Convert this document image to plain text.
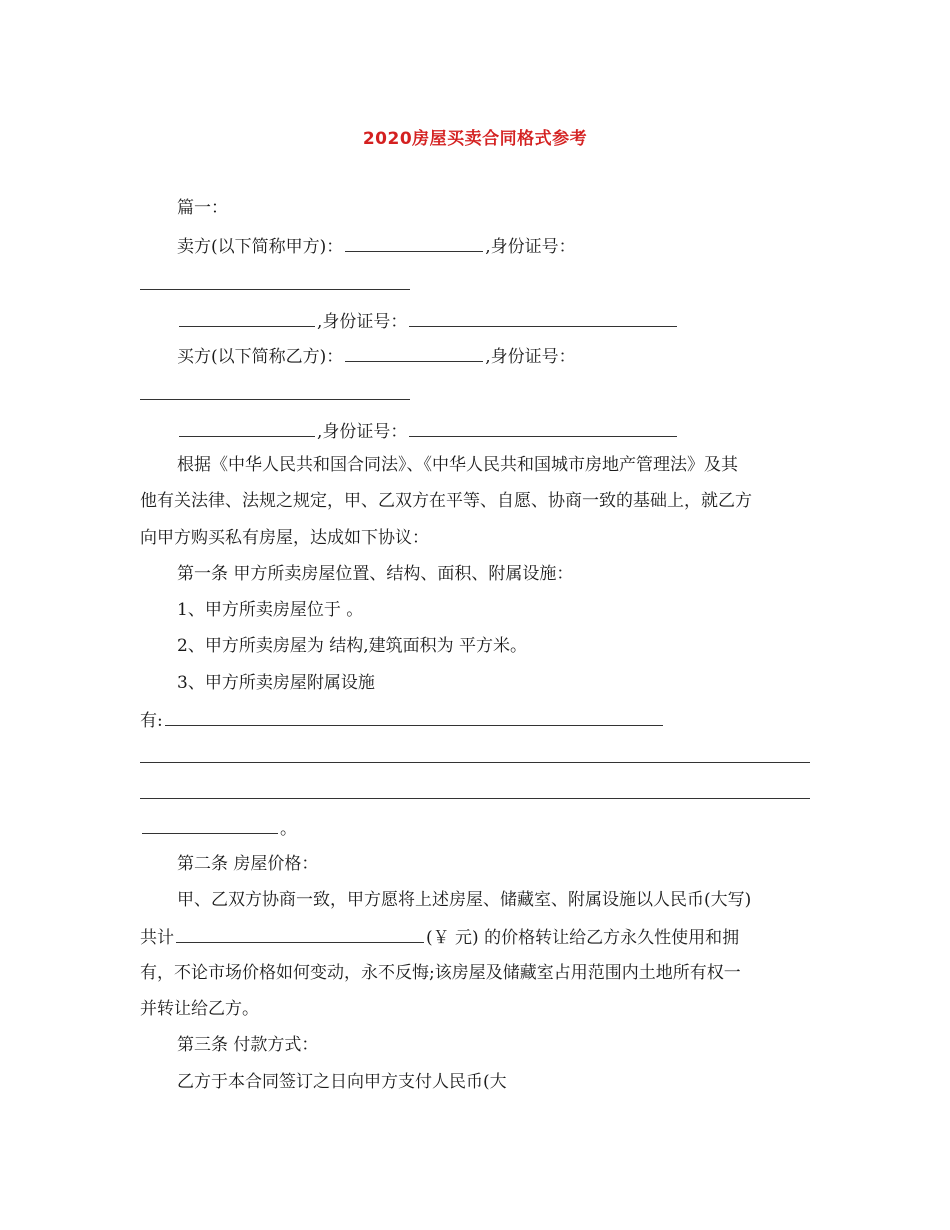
2020房屋买卖合同格式参考
篇一：
卖方(以下简称甲方)：	,身份证号：
,身份证号：
买方(以下简称乙方)：	,身份证号：
,身份证号：
根据《中华人民共和国合同法》、《中华人民共和国城市房地产管理法》及其
他有关法律、法规之规定，甲、乙双方在平等、自愿、协商一致的基础上，就乙方
向甲方购买私有房屋，达成如下协议：
第一条 甲方所卖房屋位置、结构、面积、附属设施：
1、甲方所卖房屋位于 。
2、甲方所卖房屋为 结构,建筑面积为 平方米。
3、甲方所卖房屋附属设施
有:
。
第二条 房屋价格：
甲、乙双方协商一致，甲方愿将上述房屋、储藏室、附属设施以人民币(大写)
共计	(￥ 元) 的价格转让给乙方永久性使用和拥
有，不论市场价格如何变动，永不反悔;该房屋及储藏室占用范围内土地所有权一
并转让给乙方。
第三条 付款方式：
乙方于本合同签订之日向甲方支付人民币(大
